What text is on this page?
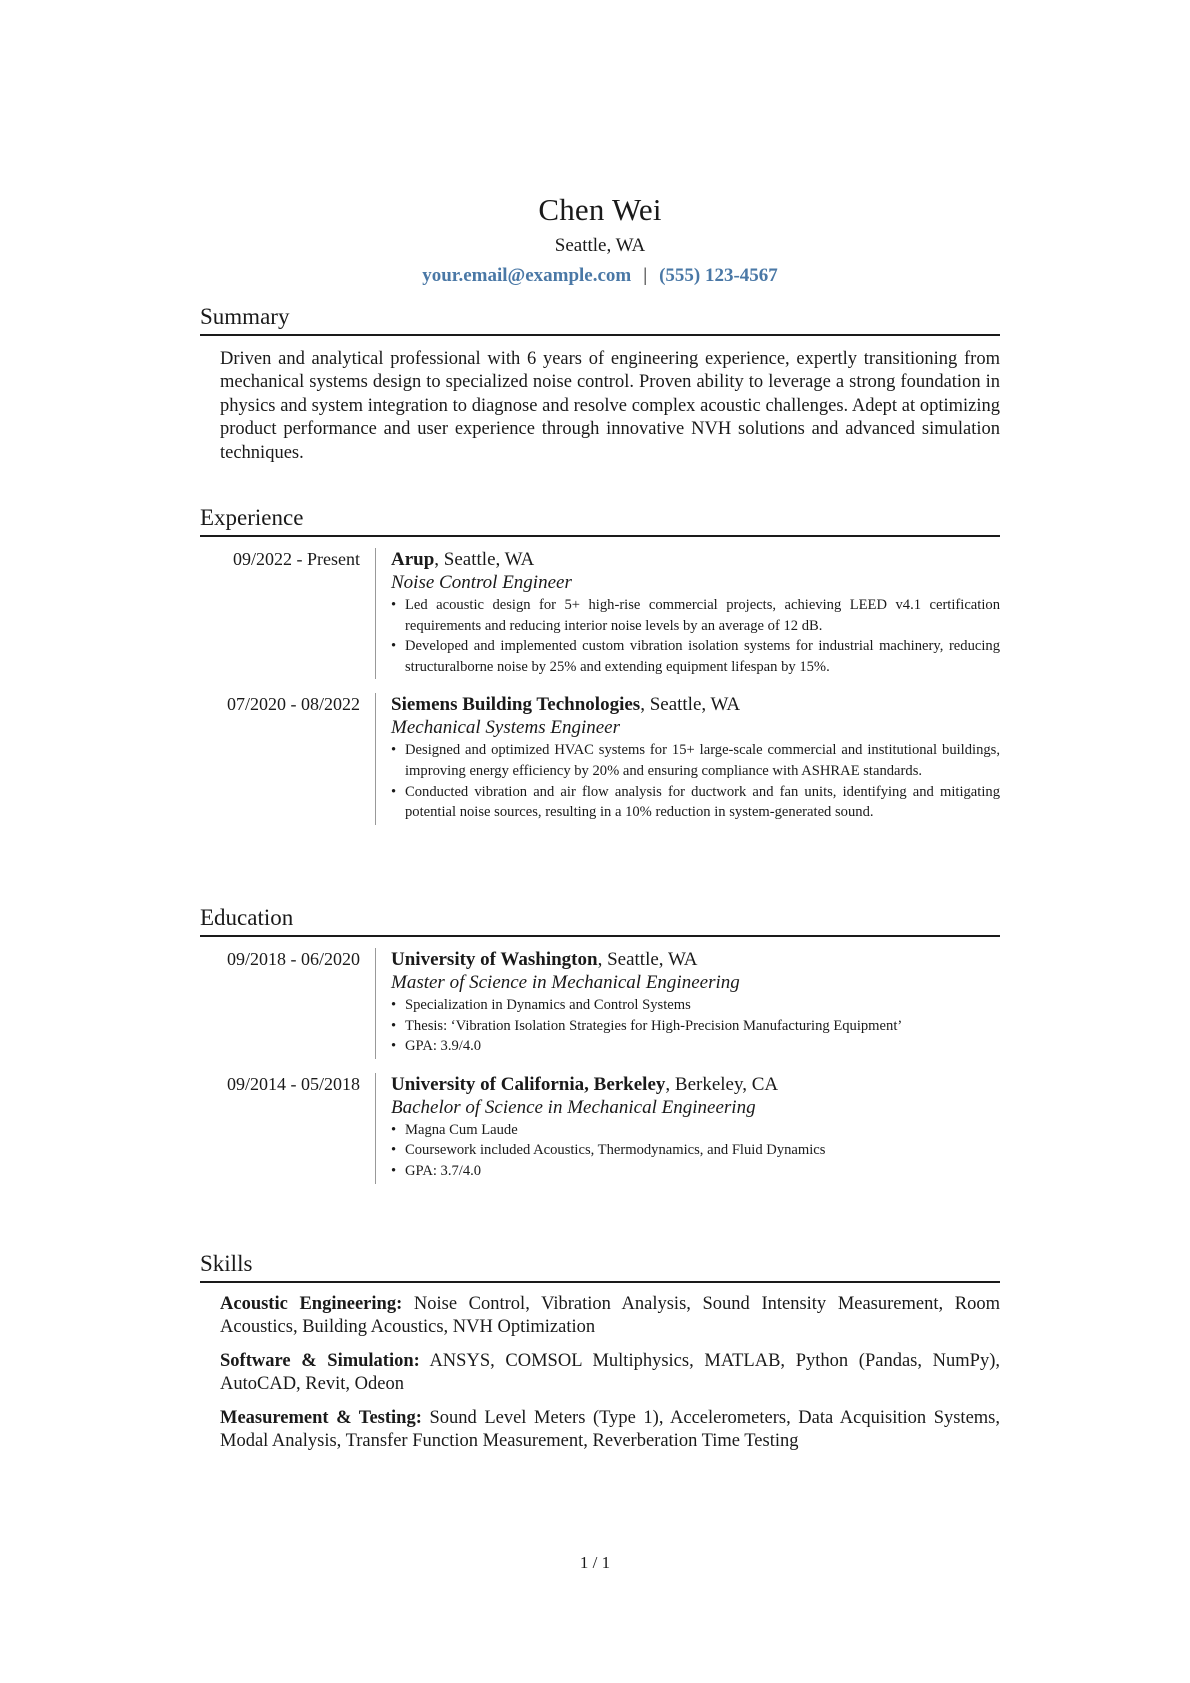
Chen Wei
Seattle, WA
your.email@example.com | (555) 123-4567
Summary
Driven and analytical professional with 6 years of engineering experience, expertly transitioning from mechanical systems design to specialized noise control. Proven ability to leverage a strong foundation in physics and system integration to diagnose and resolve complex acoustic challenges. Adept at optimizing product performance and user experience through innovative NVH solutions and advanced simulation techniques.
Experience
09/2022 - Present	Arup, Seattle, WA
Noise Control Engineer
• Led acoustic design for 5+ high-rise commercial projects, achieving LEED v4.1 certification requirements and reducing interior noise levels by an average of 12 dB.
• Developed and implemented custom vibration isolation systems for industrial machinery, reducing structuralborne noise by 25% and extending equipment lifespan by 15%.
07/2020 - 08/2022	Siemens Building Technologies, Seattle, WA
Mechanical Systems Engineer
• Designed and optimized HVAC systems for 15+ large-scale commercial and institutional buildings, improving energy efficiency by 20% and ensuring compliance with ASHRAE standards.
• Conducted vibration and air flow analysis for ductwork and fan units, identifying and mitigating potential noise sources, resulting in a 10% reduction in system-generated sound.
Education
09/2018 - 06/2020	University of Washington, Seattle, WA
Master of Science in Mechanical Engineering
• Specialization in Dynamics and Control Systems
• Thesis: ‘Vibration Isolation Strategies for High-Precision Manufacturing Equipment’
• GPA: 3.9/4.0
09/2014 - 05/2018	University of California, Berkeley, Berkeley, CA
Bachelor of Science in Mechanical Engineering
• Magna Cum Laude
• Coursework included Acoustics, Thermodynamics, and Fluid Dynamics
• GPA: 3.7/4.0
Skills
Acoustic Engineering: Noise Control, Vibration Analysis, Sound Intensity Measurement, Room Acoustics, Building Acoustics, NVH Optimization
Software & Simulation: ANSYS, COMSOL Multiphysics, MATLAB, Python (Pandas, NumPy), AutoCAD, Revit, Odeon
Measurement & Testing: Sound Level Meters (Type 1), Accelerometers, Data Acquisition Systems, Modal Analysis, Transfer Function Measurement, Reverberation Time Testing
1 / 1
